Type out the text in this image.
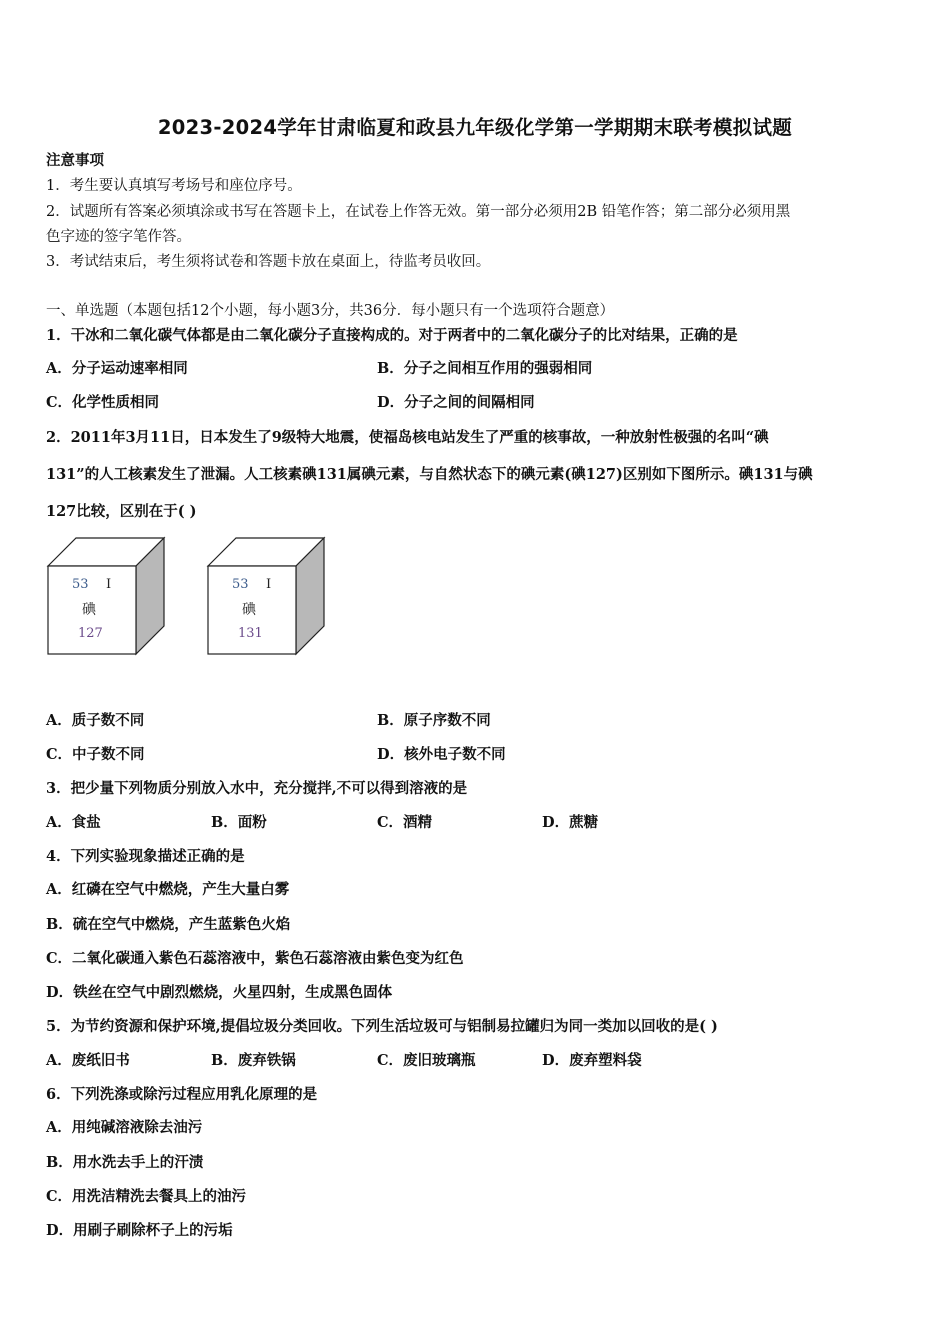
2023-2024学年甘肃临夏和政县九年级化学第一学期期末联考模拟试题
注意事项
1．考生要认真填写考场号和座位序号。
2．试题所有答案必须填涂或书写在答题卡上，在试卷上作答无效。第一部分必须用2B 铅笔作答；第二部分必须用黑
色字迹的签字笔作答。
3．考试结束后，考生须将试卷和答题卡放在桌面上，待监考员收回。
一、单选题（本题包括12个小题，每小题3分，共36分．每小题只有一个选项符合题意）
1．干冰和二氧化碳气体都是由二氧化碳分子直接构成的。对于两者中的二氧化碳分子的比对结果，正确的是
A．分子运动速率相同	B．分子之间相互作用的强弱相同
C．化学性质相同	D．分子之间的间隔相同
2．2011年3月11日，日本发生了9级特大地震，使福岛核电站发生了严重的核事故，一种放射性极强的名叫“碘
131”的人工核素发生了泄漏。人工核素碘131属碘元素，与自然状态下的碘元素(碘127)区别如下图所示。碘131与碘
127比较，区别在于( )
53 I
碘
127
53 I
碘
131
A．质子数不同	B．原子序数不同
C．中子数不同	D．核外电子数不同
3．把少量下列物质分别放入水中，充分搅拌,不可以得到溶液的是
A．食盐	B．面粉	C．酒精	D．蔗糖
4．下列实验现象描述正确的是
A．红磷在空气中燃烧，产生大量白雾
B．硫在空气中燃烧，产生蓝紫色火焰
C．二氧化碳通入紫色石蕊溶液中，紫色石蕊溶液由紫色变为红色
D．铁丝在空气中剧烈燃烧，火星四射，生成黑色固体
5．为节约资源和保护环境,提倡垃圾分类回收。下列生活垃圾可与铝制易拉罐归为同一类加以回收的是( )
A．废纸旧书	B．废弃铁锅	C．废旧玻璃瓶	D．废弃塑料袋
6．下列洗涤或除污过程应用乳化原理的是
A．用纯碱溶液除去油污
B．用水洗去手上的汗渍
C．用洗洁精洗去餐具上的油污
D．用刷子刷除杯子上的污垢
